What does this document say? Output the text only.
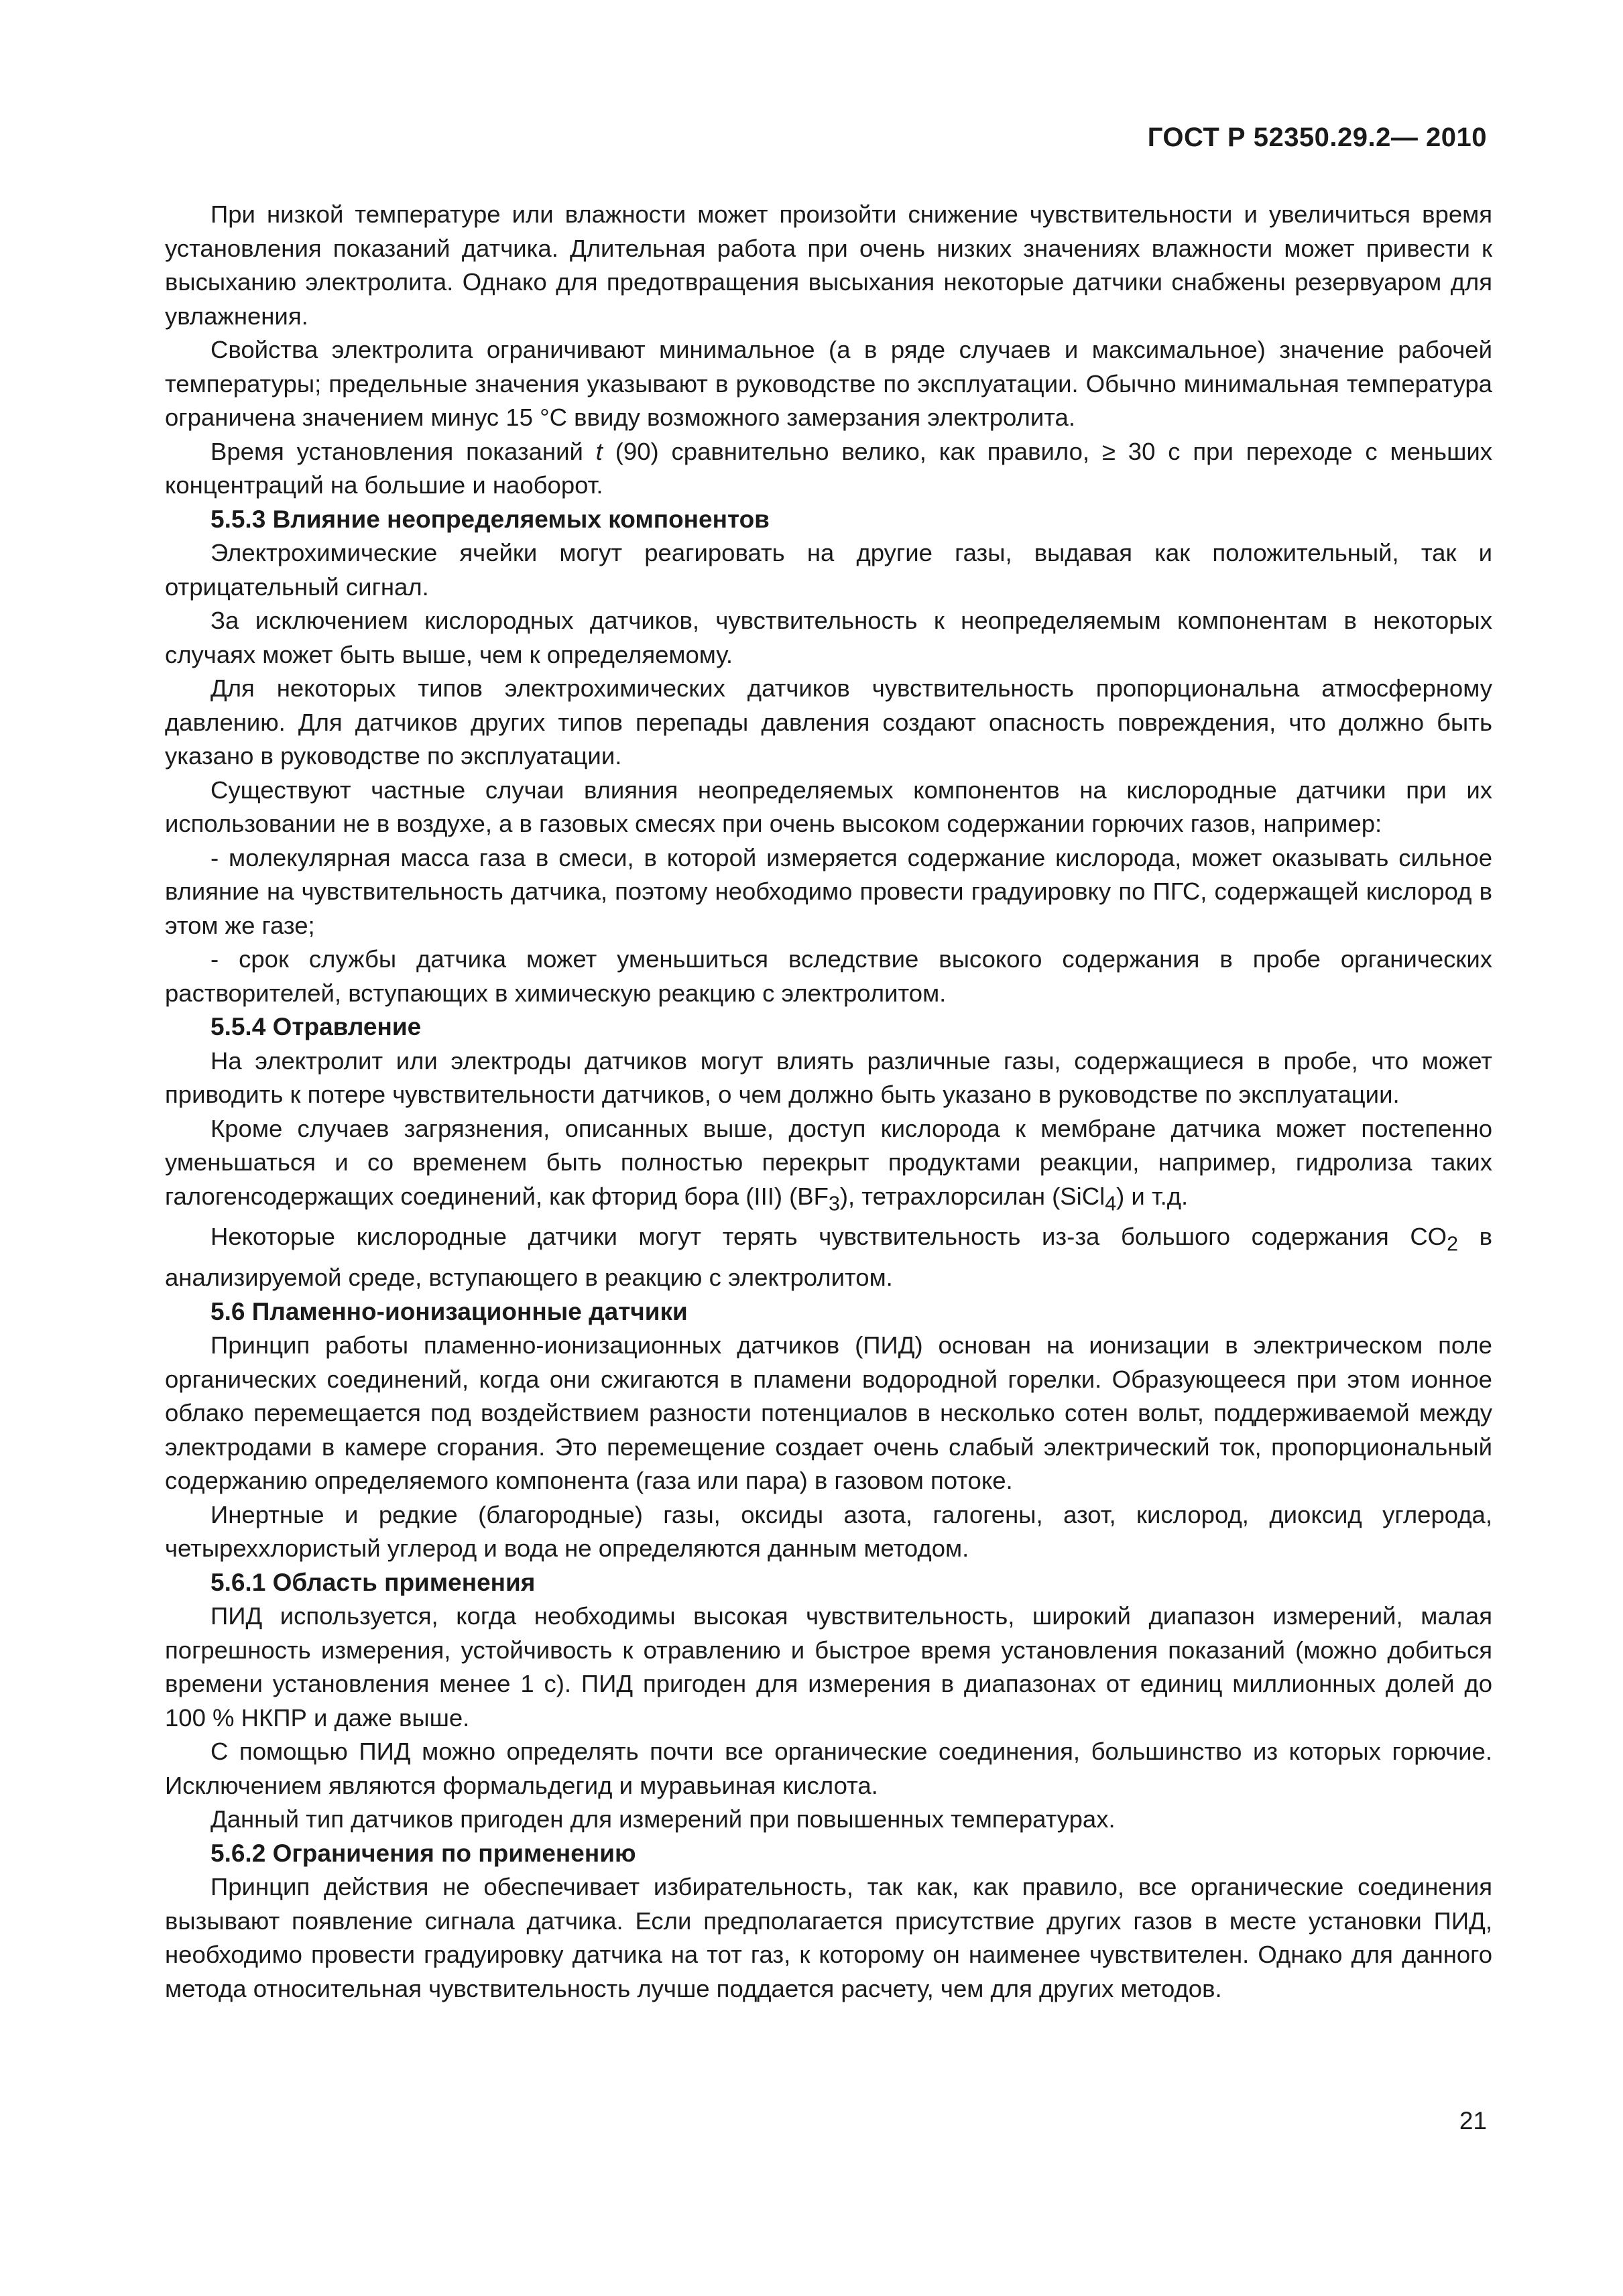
ГОСТ Р 52350.29.2— 2010

При низкой температуре или влажности может произойти снижение чувствительности и увеличиться время установления показаний датчика. Длительная работа при очень низких значениях влажности может привести к высыханию электролита. Однако для предотвращения высыхания некоторые датчики снабжены резервуаром для увлажнения.

Свойства электролита ограничивают минимальное (а в ряде случаев и максимальное) значение рабочей температуры; предельные значения указывают в руководстве по эксплуатации. Обычно минимальная температура ограничена значением минус 15 °С ввиду возможного замерзания электролита.

Время установления показаний t (90) сравнительно велико, как правило, ≥ 30 с при переходе с меньших концентраций на большие и наоборот.

5.5.3 Влияние неопределяемых компонентов

Электрохимические ячейки могут реагировать на другие газы, выдавая как положительный, так и отрицательный сигнал.

За исключением кислородных датчиков, чувствительность к неопределяемым компонентам в некоторых случаях может быть выше, чем к определяемому.

Для некоторых типов электрохимических датчиков чувствительность пропорциональна атмосферному давлению. Для датчиков других типов перепады давления создают опасность повреждения, что должно быть указано в руководстве по эксплуатации.

Существуют частные случаи влияния неопределяемых компонентов на кислородные датчики при их использовании не в воздухе, а в газовых смесях при очень высоком содержании горючих газов, например:

- молекулярная масса газа в смеси, в которой измеряется содержание кислорода, может оказывать сильное влияние на чувствительность датчика, поэтому необходимо провести градуировку по ПГС, содержащей кислород в этом же газе;

- срок службы датчика может уменьшиться вследствие высокого содержания в пробе органических растворителей, вступающих в химическую реакцию с электролитом.

5.5.4 Отравление

На электролит или электроды датчиков могут влиять различные газы, содержащиеся в пробе, что может приводить к потере чувствительности датчиков, о чем должно быть указано в руководстве по эксплуатации.

Кроме случаев загрязнения, описанных выше, доступ кислорода к мембране датчика может постепенно уменьшаться и со временем быть полностью перекрыт продуктами реакции, например, гидролиза таких галогенсодержащих соединений, как фторид бора (III) $(BF_3)$, тетрахлорсилан (SiCl$_4$) и т.д.

Некоторые кислородные датчики могут терять чувствительность из-за большого содержания $CO_2$ в анализируемой среде, вступающего в реакцию с электролитом.

5.6 Пламенно-ионизационные датчики

Принцип работы пламенно-ионизационных датчиков (ПИД) основан на ионизации в электрическом поле органических соединений, когда они сжигаются в пламени водородной горелки. Образующееся при этом ионное облако перемещается под воздействием разности потенциалов в несколько сотен вольт, поддерживаемой между электродами в камере сгорания. Это перемещение создает очень слабый электрический ток, пропорциональный содержанию определяемого компонента (газа или пара) в газовом потоке.

Инертные и редкие (благородные) газы, оксиды азота, галогены, азот, кислород, диоксид углерода, четыреххлористый углерод и вода не определяются данным методом.

5.6.1 Область применения

ПИД используется, когда необходимы высокая чувствительность, широкий диапазон измерений, малая погрешность измерения, устойчивость к отравлению и быстрое время установления показаний (можно добиться времени установления менее 1 с). ПИД пригоден для измерения в диапазонах от единиц миллионных долей до 100 % НКПР и даже выше.

С помощью ПИД можно определять почти все органические соединения, большинство из которых горючие. Исключением являются формальдегид и муравьиная кислота.

Данный тип датчиков пригоден для измерений при повышенных температурах.

5.6.2 Ограничения по применению

Принцип действия не обеспечивает избирательность, так как, как правило, все органические соединения вызывают появление сигнала датчика. Если предполагается присутствие других газов в месте установки ПИД, необходимо провести градуировку датчика на тот газ, к которому он наименее чувствителен. Однако для данного метода относительная чувствительность лучше поддается расчету, чем для других методов.

21
